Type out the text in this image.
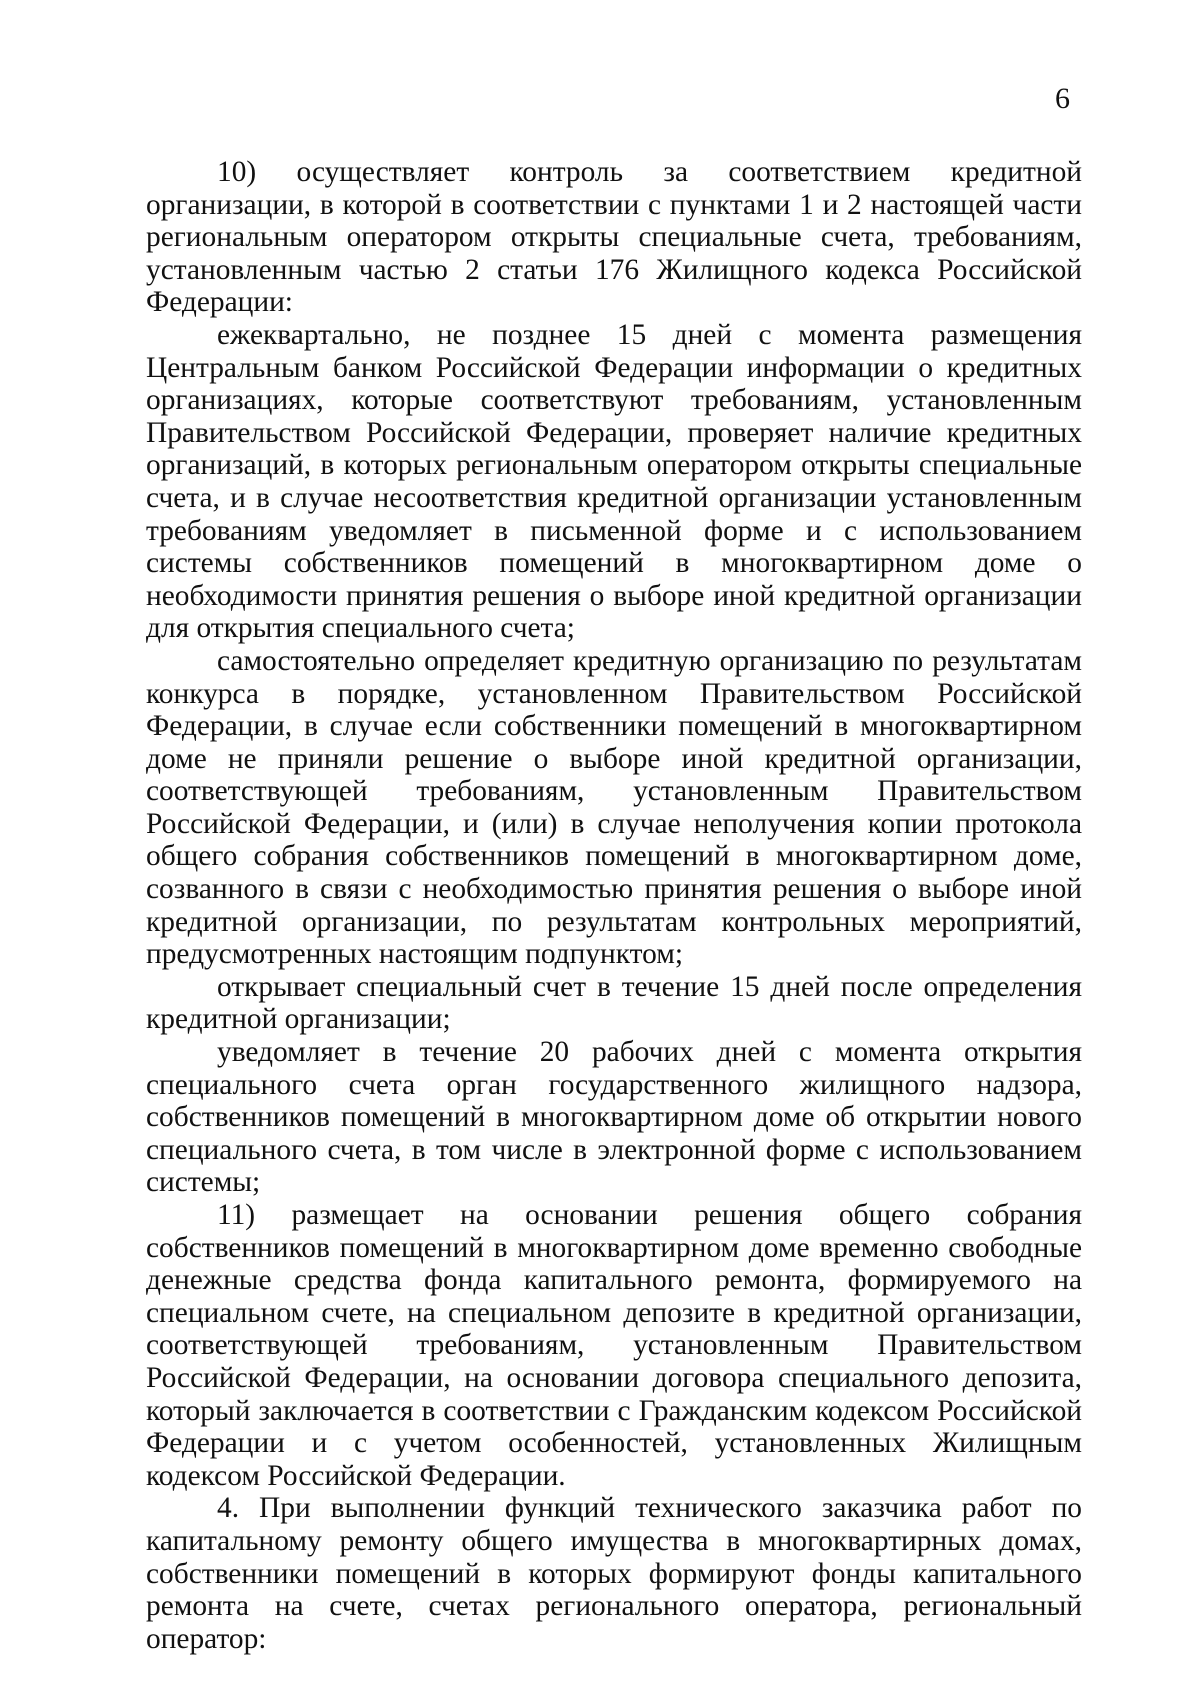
6

10) осуществляет контроль за соответствием кредитной организации, в которой в соответствии с пунктами 1 и 2 настоящей части региональным оператором открыты специальные счета, требованиям, установленным частью 2 статьи 176 Жилищного кодекса Российской Федерации:

ежеквартально, не позднее 15 дней с момента размещения Центральным банком Российской Федерации информации о кредитных организациях, которые соответствуют требованиям, установленным Правительством Российской Федерации, проверяет наличие кредитных организаций, в которых региональным оператором открыты специальные счета, и в случае несоответствия кредитной организации установленным требованиям уведомляет в письменной форме и с использованием системы собственников помещений в многоквартирном доме о необходимости принятия решения о выборе иной кредитной организации для открытия специального счета;

самостоятельно определяет кредитную организацию по результатам конкурса в порядке, установленном Правительством Российской Федерации, в случае если собственники помещений в многоквартирном доме не приняли решение о выборе иной кредитной организации, соответствующей требованиям, установленным Правительством Российской Федерации, и (или) в случае неполучения копии протокола общего собрания собственников помещений в многоквартирном доме, созванного в связи с необходимостью принятия решения о выборе иной кредитной организации, по результатам контрольных мероприятий, предусмотренных настоящим подпунктом;

открывает специальный счет в течение 15 дней после определения кредитной организации;

уведомляет в течение 20 рабочих дней с момента открытия специального счета орган государственного жилищного надзора, собственников помещений в многоквартирном доме об открытии нового специального счета, в том числе в электронной форме с использованием системы;

11) размещает на основании решения общего собрания собственников помещений в многоквартирном доме временно свободные денежные средства фонда капитального ремонта, формируемого на специальном счете, на специальном депозите в кредитной организации, соответствующей требованиям, установленным Правительством Российской Федерации, на основании договора специального депозита, который заключается в соответствии с Гражданским кодексом Российской Федерации и с учетом особенностей, установленных Жилищным кодексом Российской Федерации.

4. При выполнении функций технического заказчика работ по капитальному ремонту общего имущества в многоквартирных домах, собственники помещений в которых формируют фонды капитального ремонта на счете, счетах регионального оператора, региональный оператор:
